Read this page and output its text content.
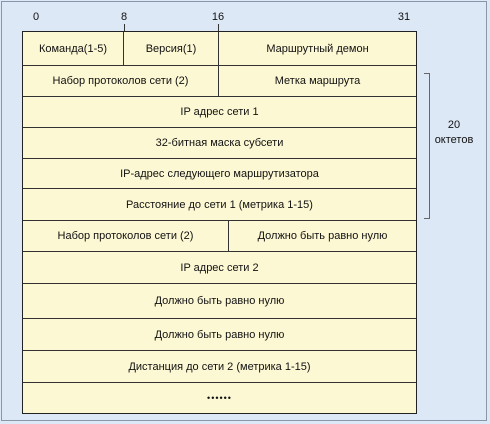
0	8	16	31
Команда(1-5)	Версия(1)	Маршрутный демон
Набор протоколов сети (2)	Метка маршрута
IP адрес сети 1
32-битная маска субсети
IP-адрес следующего маршрутизатора
Расстояние до сети 1 (метрика 1-15)
Набор протоколов сети (2)	Должно быть равно нулю
IP адрес сети 2
Должно быть равно нулю
Должно быть равно нулю
Дистанция до сети 2 (метрика 1-15)
••••••
20
октетов
